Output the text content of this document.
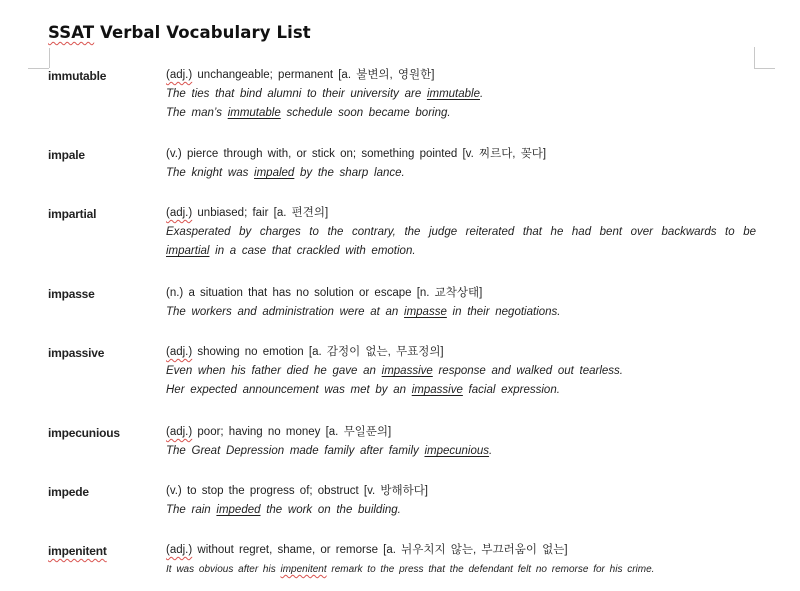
SSAT Verbal Vocabulary List
immutable	(adj.) unchangeable; permanent [a. 불변의, 영원한]
The ties that bind alumni to their university are immutable.
The man’s immutable schedule soon became boring.
impale	(v.) pierce through with, or stick on; something pointed [v. 찌르다, 꽂다]
The knight was impaled by the sharp lance.
impartial	(adj.) unbiased; fair [a. 편견의]
Exasperated by charges to the contrary, the judge reiterated that he had bent over backwards to be impartial in a case that crackled with emotion.
impasse	(n.) a situation that has no solution or escape [n. 교착상태]
The workers and administration were at an impasse in their negotiations.
impassive	(adj.) showing no emotion [a. 감정이 없는, 무표정의]
Even when his father died he gave an impassive response and walked out tearless.
Her expected announcement was met by an impassive facial expression.
impecunious	(adj.) poor; having no money [a. 무일푼의]
The Great Depression made family after family impecunious.
impede	(v.) to stop the progress of; obstruct [v. 방해하다]
The rain impeded the work on the building.
impenitent	(adj.) without regret, shame, or remorse [a. 뉘우치지 않는, 부끄러움이 없는]
It was obvious after his impenitent remark to the press that the defendant felt no remorse for his crime.
